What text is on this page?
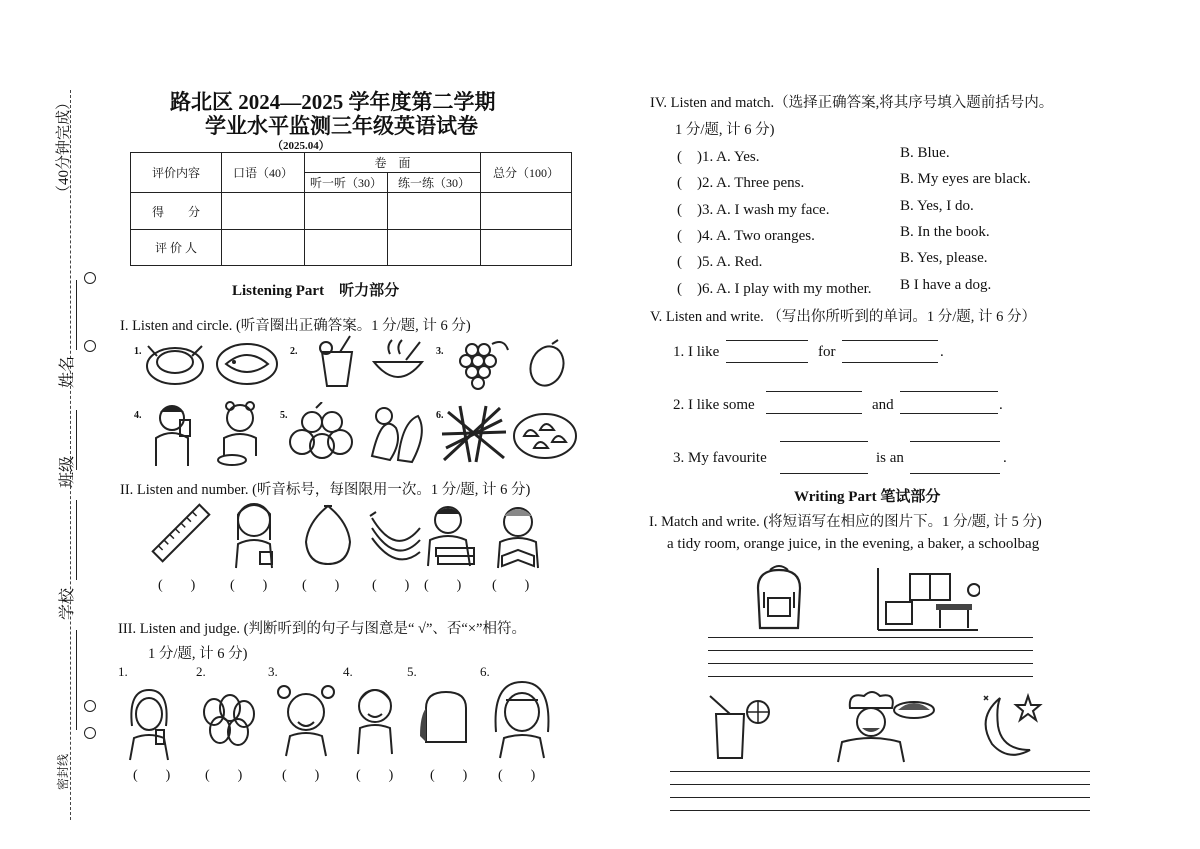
（40分钟完成）
姓名
班级
学校
密封线
路北区 2024—2025 学年度第二学期
学业水平监测三年级英语试卷
（2025.04）
评价内容	口语（40）	卷　面		总分（100）
		听一听（30）	练一练（30）	
得　　分				
评 价 人				
Listening Part　听力部分
I. Listen and circle. (听音圈出正确答案。1 分/题, 计 6 分)
1.	2.	3.
4.	5.	6.
II. Listen and number. (听音标号，每图限用一次。1 分/题, 计 6 分)
(　　) (　　) (　　) (　　) (　　) (　　)
III. Listen and judge. (判断听到的句子与图意是“ √”、否“×”相符。
1 分/题, 计 6 分)
1.	2.	3.	4.	5.	6.
(　　) (　　)	(　　)	(　　)	(　　) (　　)
IV. Listen and match.（选择正确答案,将其序号填入题前括号内。
1 分/题, 计 6 分)
(　)1. A. Yes.	B. Blue.
(　)2. A. Three pens.	B. My eyes are black.
(　)3. A. I wash my face.	B. Yes, I do.
(　)4. A. Two oranges.	B. In the book.
(　)5. A. Red.	B. Yes, please.
(　)6. A. I play with my mother. B I have a dog.
V. Listen and write. （写出你所听到的单词。1 分/题, 计 6 分）
1. I like	for	.
2. I like some	and	.
3. My favourite	is an	.
Writing Part 笔试部分
I. Match and write. (将短语写在相应的图片下。1 分/题, 计 5 分)
a tidy room, orange juice, in the evening, a baker, a schoolbag
